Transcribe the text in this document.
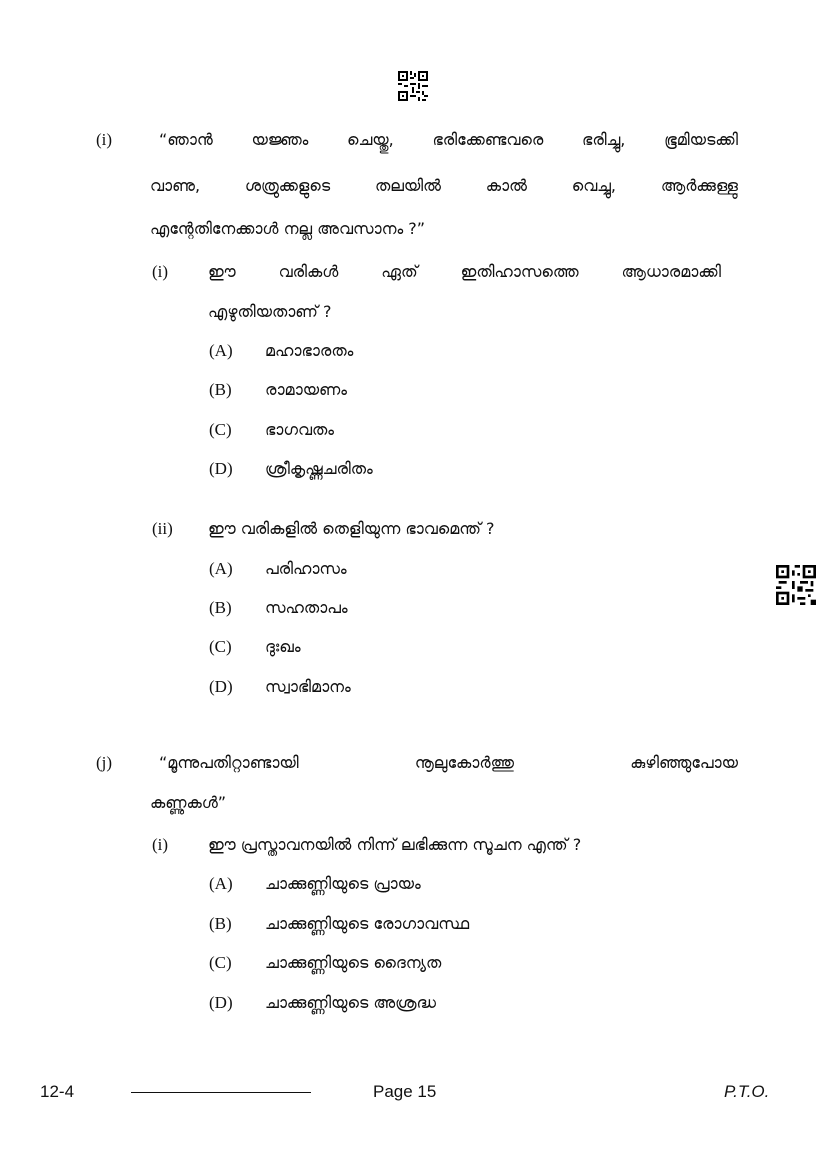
(i)	“ഞാൻ യജ്ഞം ചെയ്തു, ഭരിക്കേണ്ടവരെ ഭരിച്ചു, ഭൂമിയടക്കി
വാണു,	ശത്രുക്കളുടെ	തലയിൽ	കാൽ	വെച്ചു,	ആർക്കുള്ളു
എന്റേതിനേക്കാൾ നല്ല അവസാനം ?”
(i) ഈ	വരികൾ	ഏത്	ഇതിഹാസത്തെ	ആധാരമാക്കി
എഴുതിയതാണ് ?
(A) മഹാഭാരതം
(B) രാമായണം
(C) ഭാഗവതം
(D) ശ്രീകൃഷ്ണചരിതം
(ii) ഈ വരികളിൽ തെളിയുന്ന ഭാവമെന്ത് ?
(A) പരിഹാസം
(B) സഹതാപം
(C) ദുഃഖം
(D) സ്വാഭിമാനം
(j)	“മൂന്നുപതിറ്റാണ്ടായി	നൂലുകോർത്തു	കുഴിഞ്ഞുപോയ
കണ്ണുകൾ”
(i) ഈ പ്രസ്താവനയിൽ നിന്ന് ലഭിക്കുന്ന സൂചന എന്ത് ?
(A) ചാക്കുണ്ണിയുടെ പ്രായം
(B) ചാക്കുണ്ണിയുടെ രോഗാവസ്ഥ
(C) ചാക്കുണ്ണിയുടെ ദൈന്യത
(D) ചാക്കുണ്ണിയുടെ അശ്രദ്ധ
12-4	Page 15	P.T.O.
